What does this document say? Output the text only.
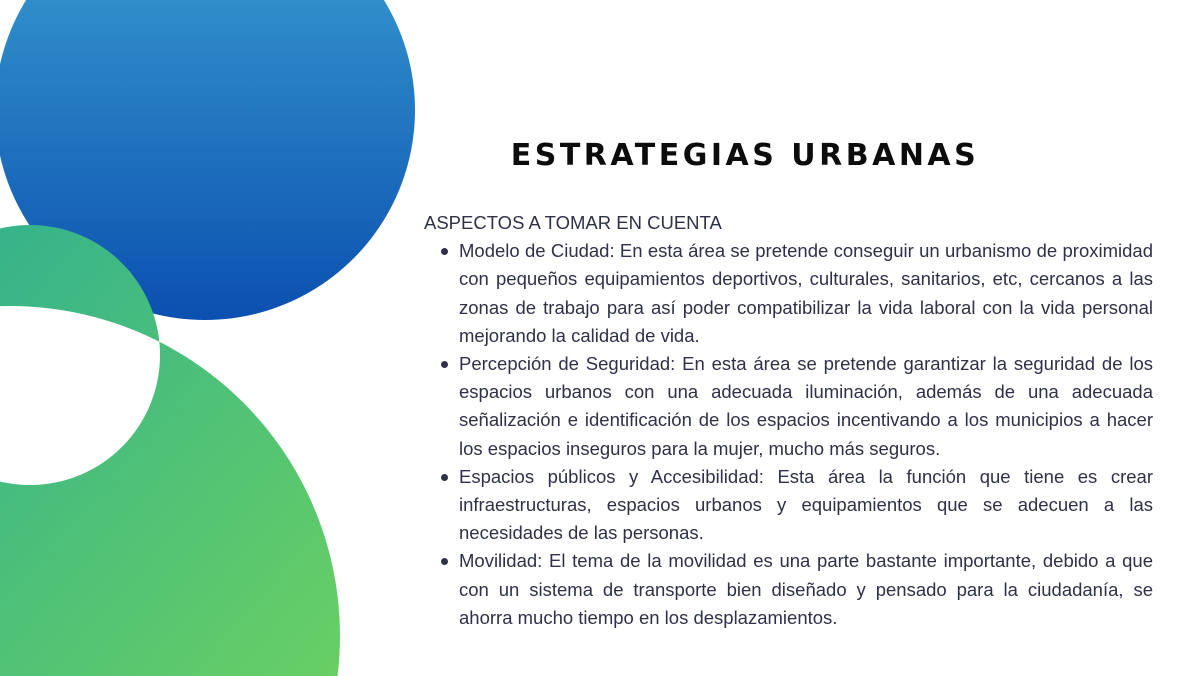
ESTRATEGIAS URBANAS

ASPECTOS A TOMAR EN CUENTA

Modelo de Ciudad: En esta área se pretende conseguir un urbanismo de proximidad con pequeños equipamientos deportivos, culturales, sanitarios, etc, cercanos a las zonas de trabajo para así poder compatibilizar la vida laboral con la vida personal mejorando la calidad de vida.
Percepción de Seguridad: En esta área se pretende garantizar la seguridad de los espacios urbanos con una adecuada iluminación, además de una adecuada señalización e identificación de los espacios incentivando a los municipios a hacer los espacios inseguros para la mujer, mucho más seguros.
Espacios públicos y Accesibilidad: Esta área la función que tiene es crear infraestructuras, espacios urbanos y equipamientos que se adecuen a las necesidades de las personas.
Movilidad: El tema de la movilidad es una parte bastante importante, debido a que con un sistema de transporte bien diseñado y pensado para la ciudadanía, se ahorra mucho tiempo en los desplazamientos.
